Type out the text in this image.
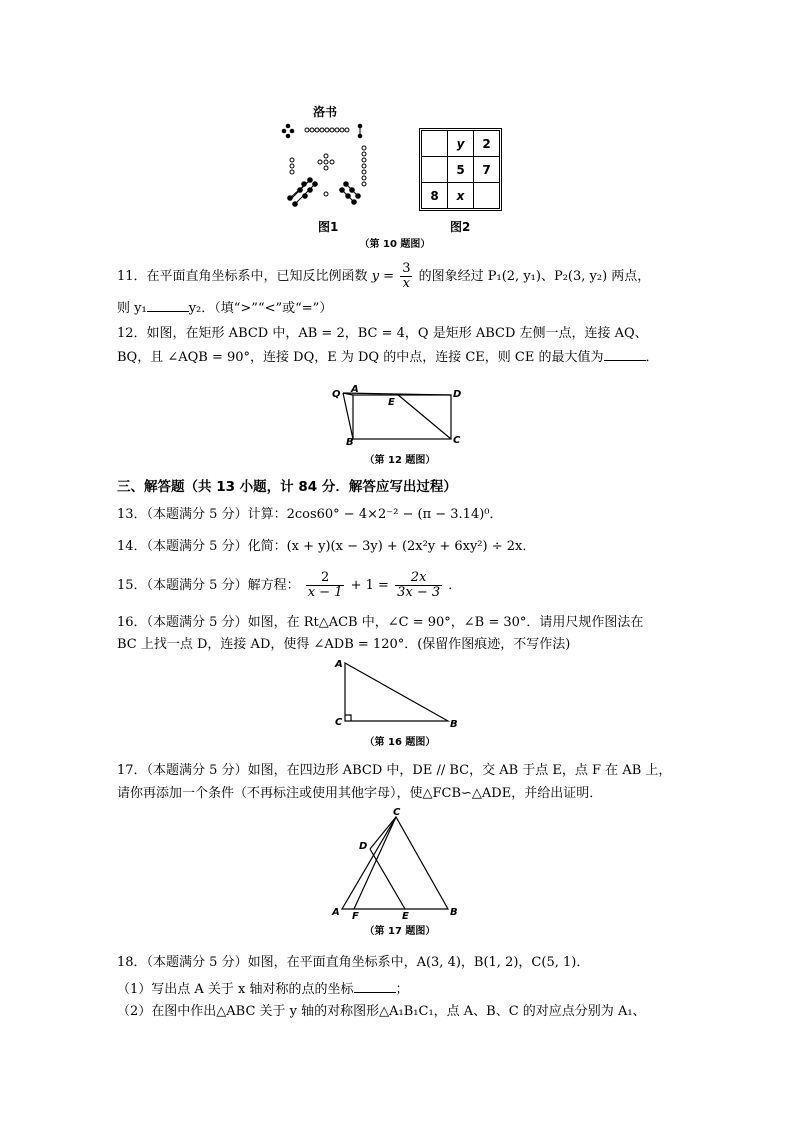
洛书
	y	2
	5	7
8	x	
图1	图2
（第 10 题图）
11．在平面直角坐标系中，已知反比例函数 $y = \frac{3}{x}$ 的图象经过 P₁(2, y₁)、P₂(3, y₂) 两点，
则 y₁	y₂．（填“>”“<”或“=”）
12．如图，在矩形 ABCD 中，AB = 2，BC = 4，Q 是矩形 ABCD 左侧一点，连接 AQ、
BQ，且 ∠AQB = 90°，连接 DQ，E 为 DQ 的中点，连接 CE，则 CE 的最大值为	．
Q A
E
D
B	C
（第 12 题图）
三、解答题（共 13 小题，计 84 分．解答应写出过程）
13．（本题满分 5 分）计算：2cos60° − 4×2⁻² − (π − 3.14)⁰．
14．（本题满分 5 分）化简：(x + y)(x − 3y) + (2x²y + 6xy²) ÷ 2x．
15．（本题满分 5 分）解方程： $\frac{2}{x - 1} + 1 = \frac{2x}{3x - 3}$ ．
16．（本题满分 5 分）如图，在 Rt△ACB 中，∠C = 90°，∠B = 30°．请用尺规作图法在
BC 上找一点 D，连接 AD，使得 ∠ADB = 120°．(保留作图痕迹，不写作法)
A
C	B
（第 16 题图）
17．（本题满分 5 分）如图，在四边形 ABCD 中，DE // BC，交 AB 于点 E，点 F 在 AB 上，
请你再添加一个条件（不再标注或使用其他字母），使△FCB∽△ADE，并给出证明．
C
D
A F	E	B
（第 17 题图）
18．（本题满分 5 分）如图，在平面直角坐标系中，A(3, 4)，B(1, 2)，C(5, 1)．
（1）写出点 A 关于 x 轴对称的点的坐标	；
（2）在图中作出△ABC 关于 y 轴的对称图形△A₁B₁C₁，点 A、B、C 的对应点分别为 A₁、
